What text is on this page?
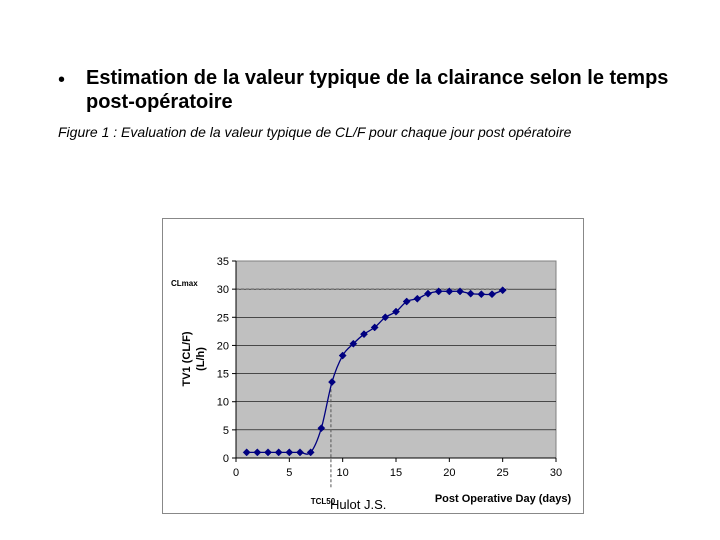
• Estimation de la valeur typique de la clairance selon le temps post-opératoire
Figure 1 : Evaluation de la valeur typique de CL/F pour chaque jour post opératoire
CLmax
TCL50
0
5
10
15
20
25
30
35
0	5	10	15	20	25	30
Post Operative Day (days)
TV1 (CL/F) (L/h)
Hulot J.S.
